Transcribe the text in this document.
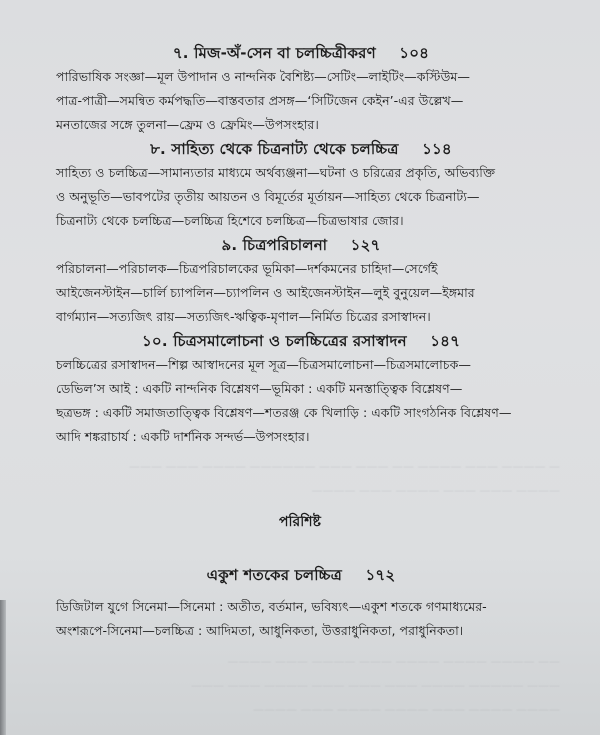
— ———— ——— ———— —— ——— ——— —————— ———— ——— ———
———— ——— ——— ———— ——— ————
—— ———— ———— ———— ——— ———— ——— ————
——— ————— ———— ——— ——— ——— ———— ——— ———
———— ———— ——— ———— ———— ——— ————
৭. মিজ-অঁ-সেন বা চলচ্চিত্রীকরণ ১০৪
পারিভাষিক সংজ্ঞা—মূল উপাদান ও নান্দনিক বৈশিষ্ট্য—সেটিং—লাইটিং—কস্টিউম—
পাত্র-পাত্রী—সমন্বিত কর্মপদ্ধতি—বাস্তবতার প্রসঙ্গ—‘সিটিজেন কেইন’-এর উল্লেখ—
মনতাজের সঙ্গে তুলনা—ফ্রেম ও ফ্রেমিং—উপসংহার।
৮. সাহিত্য থেকে চিত্রনাট্য থেকে চলচ্চিত্র ১১৪
সাহিত্য ও চলচ্চিত্র—সামান্যতার মাধ্যমে অর্থব্যঞ্জনা—ঘটনা ও চরিত্রের প্রকৃতি, অভিব্যক্তি
ও অনুভূতি—ভাবপটের তৃতীয় আয়তন ও বিমূর্তের মূর্তায়ন—সাহিত্য থেকে চিত্রনাট্য—
চিত্রনাট্য থেকে চলচ্চিত্র—চলচ্চিত্র হিশেবে চলচ্চিত্র—চিত্রভাষার জোর।
৯. চিত্রপরিচালনা ১২৭
পরিচালনা—পরিচালক—চিত্রপরিচালকের ভূমিকা—দর্শকমনের চাহিদা—সের্গেই
আইজেনস্টাইন—চার্লি চ্যাপলিন—চ্যাপলিন ও আইজেনস্টাইন—লুই বুনুয়েল—ইঙ্গমার
বার্গম্যান—সত্যজিৎ রায়—সত্যজিৎ-ঋত্বিক-মৃণাল—নির্মিত চিত্রের রসাস্বাদন।
১০. চিত্রসমালোচনা ও চলচ্চিত্রের রসাস্বাদন ১৪৭
চলচ্চিত্রের রসাস্বাদন—শিল্প আস্বাদনের মূল সূত্র—চিত্রসমালোচনা—চিত্রসমালোচক—
ডেভিল’স আই : একটি নান্দনিক বিশ্লেষণ—ভূমিকা : একটি মনস্তাত্ত্বিক বিশ্লেষণ—
ছত্রভঙ্গ : একটি সমাজতাত্ত্বিক বিশ্লেষণ—শতরঞ্জ কে খিলাড়ি : একটি সাংগঠনিক বিশ্লেষণ—
আদি শঙ্করাচার্য : একটি দার্শনিক সন্দর্ভ—উপসংহার।
পরিশিষ্ট
একুশ শতকের চলচ্চিত্র ১৭২
ডিজিটাল যুগে সিনেমা—সিনেমা : অতীত, বর্তমান, ভবিষ্যৎ—একুশ শতকে গণমাধ্যমের-
অংশরূপে-সিনেমা—চলচ্চিত্র : আদিমতা, আধুনিকতা, উত্তরাধুনিকতা, পরাধুনিকতা।
